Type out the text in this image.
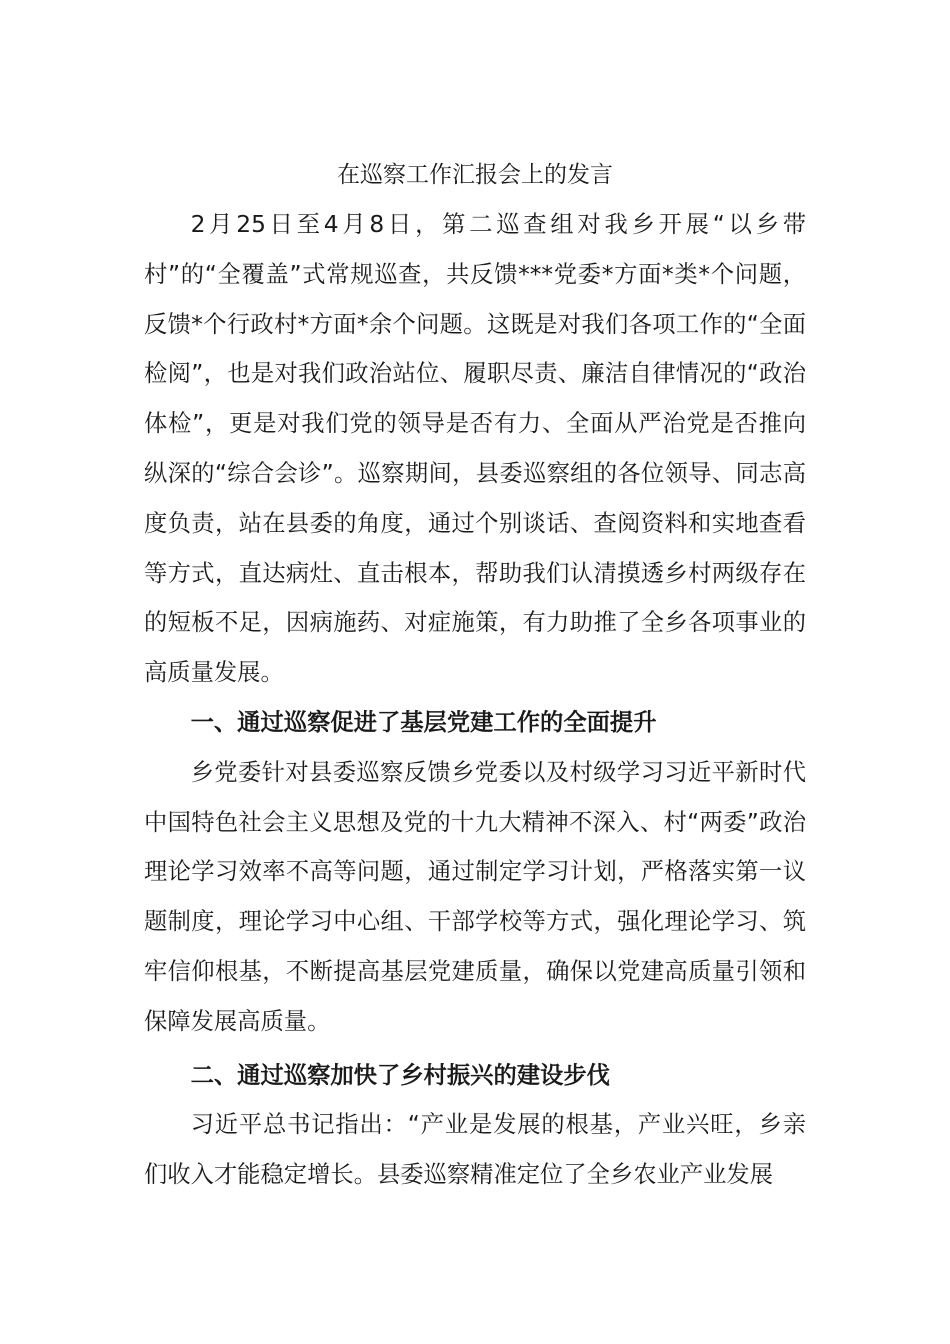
在巡察工作汇报会上的发言

2月25日至4月8日，第二巡查组对我乡开展“以乡带村”的“全覆盖”式常规巡查，共反馈***党委*方面*类*个问题，反馈*个行政村*方面*余个问题。这既是对我们各项工作的“全面检阅”，也是对我们政治站位、履职尽责、廉洁自律情况的“政治体检”，更是对我们党的领导是否有力、全面从严治党是否推向纵深的“综合会诊”。巡察期间，县委巡察组的各位领导、同志高度负责，站在县委的角度，通过个别谈话、查阅资料和实地查看等方式，直达病灶、直击根本，帮助我们认清摸透乡村两级存在的短板不足，因病施药、对症施策，有力助推了全乡各项事业的高质量发展。

一、通过巡察促进了基层党建工作的全面提升

乡党委针对县委巡察反馈乡党委以及村级学习习近平新时代中国特色社会主义思想及党的十九大精神不深入、村“两委”政治理论学习效率不高等问题，通过制定学习计划，严格落实第一议题制度，理论学习中心组、干部学校等方式，强化理论学习、筑牢信仰根基，不断提高基层党建质量，确保以党建高质量引领和保障发展高质量。

二、通过巡察加快了乡村振兴的建设步伐

习近平总书记指出：“产业是发展的根基，产业兴旺，乡亲们收入才能稳定增长。县委巡察精准定位了全乡农业产业发展
